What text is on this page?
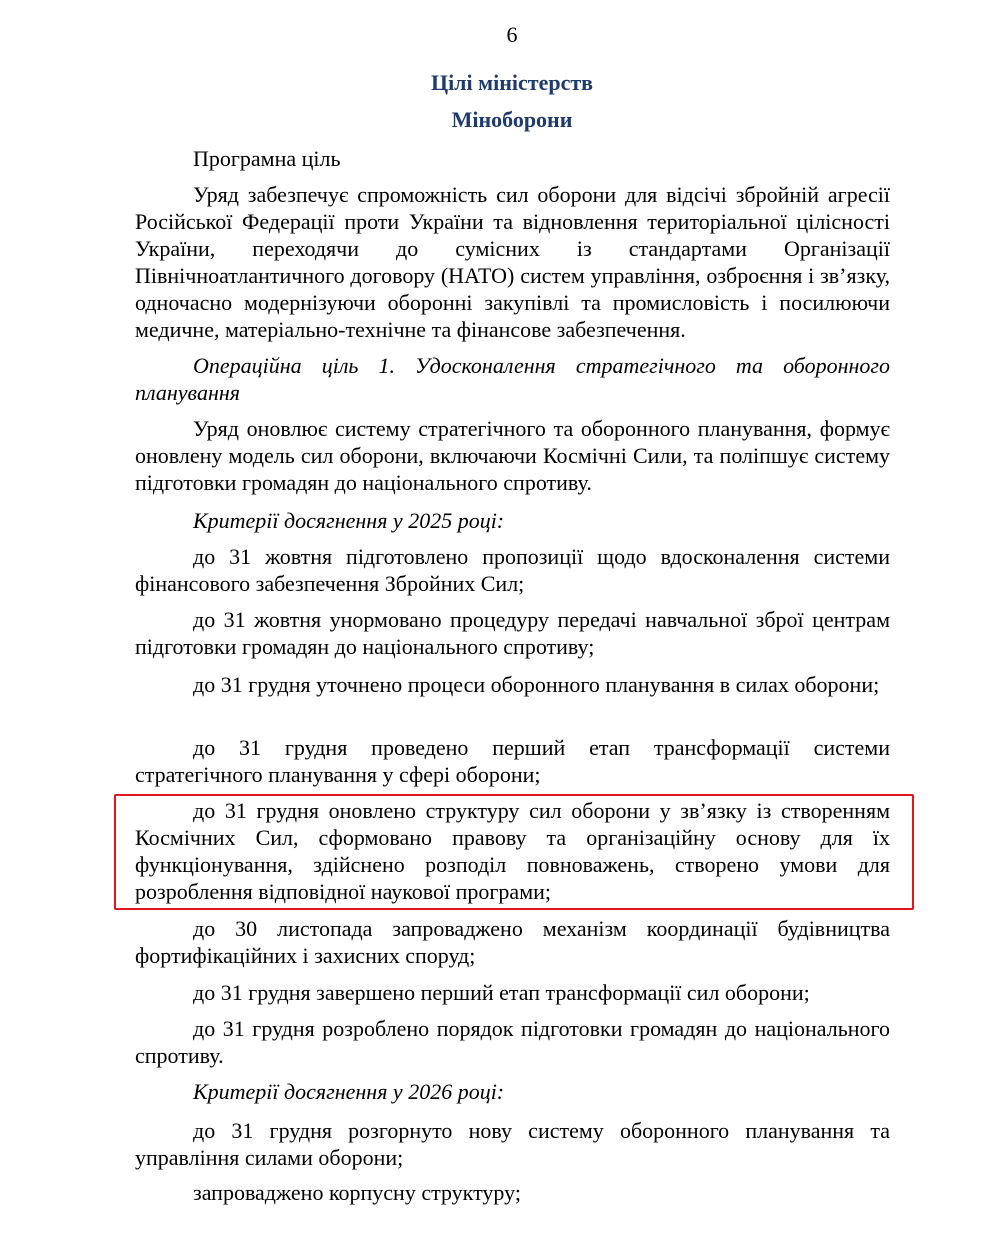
6
Цілі міністерств
Міноборони
Програмна ціль
Уряд забезпечує спроможність сил оборони для відсічі збройній агресії Російської Федерації проти України та відновлення територіальної цілісності України, переходячи до сумісних із стандартами Організації Північноатлантичного договору (НАТО) систем управління, озброєння і зв’язку, одночасно модернізуючи оборонні закупівлі та промисловість і посилюючи медичне, матеріально-технічне та фінансове забезпечення.
Операційна ціль 1. Удосконалення стратегічного та оборонного планування
Уряд оновлює систему стратегічного та оборонного планування, формує оновлену модель сил оборони, включаючи Космічні Сили, та поліпшує систему підготовки громадян до національного спротиву.
Критерії досягнення у 2025 році:
до 31 жовтня підготовлено пропозиції щодо вдосконалення системи фінансового забезпечення Збройних Сил;
до 31 жовтня унормовано процедуру передачі навчальної зброї центрам підготовки громадян до національного спротиву;
до 31 грудня уточнено процеси оборонного планування в силах оборони;
до 31 грудня проведено перший етап трансформації системи стратегічного планування у сфері оборони;
до 31 грудня оновлено структуру сил оборони у зв’язку із створенням Космічних Сил, сформовано правову та організаційну основу для їх функціонування, здійснено розподіл повноважень, створено умови для розроблення відповідної наукової програми;
до 30 листопада запроваджено механізм координації будівництва фортифікаційних і захисних споруд;
до 31 грудня завершено перший етап трансформації сил оборони;
до 31 грудня розроблено порядок підготовки громадян до національного спротиву.
Критерії досягнення у 2026 році:
до 31 грудня розгорнуто нову систему оборонного планування та управління силами оборони;
запроваджено корпусну структуру;
